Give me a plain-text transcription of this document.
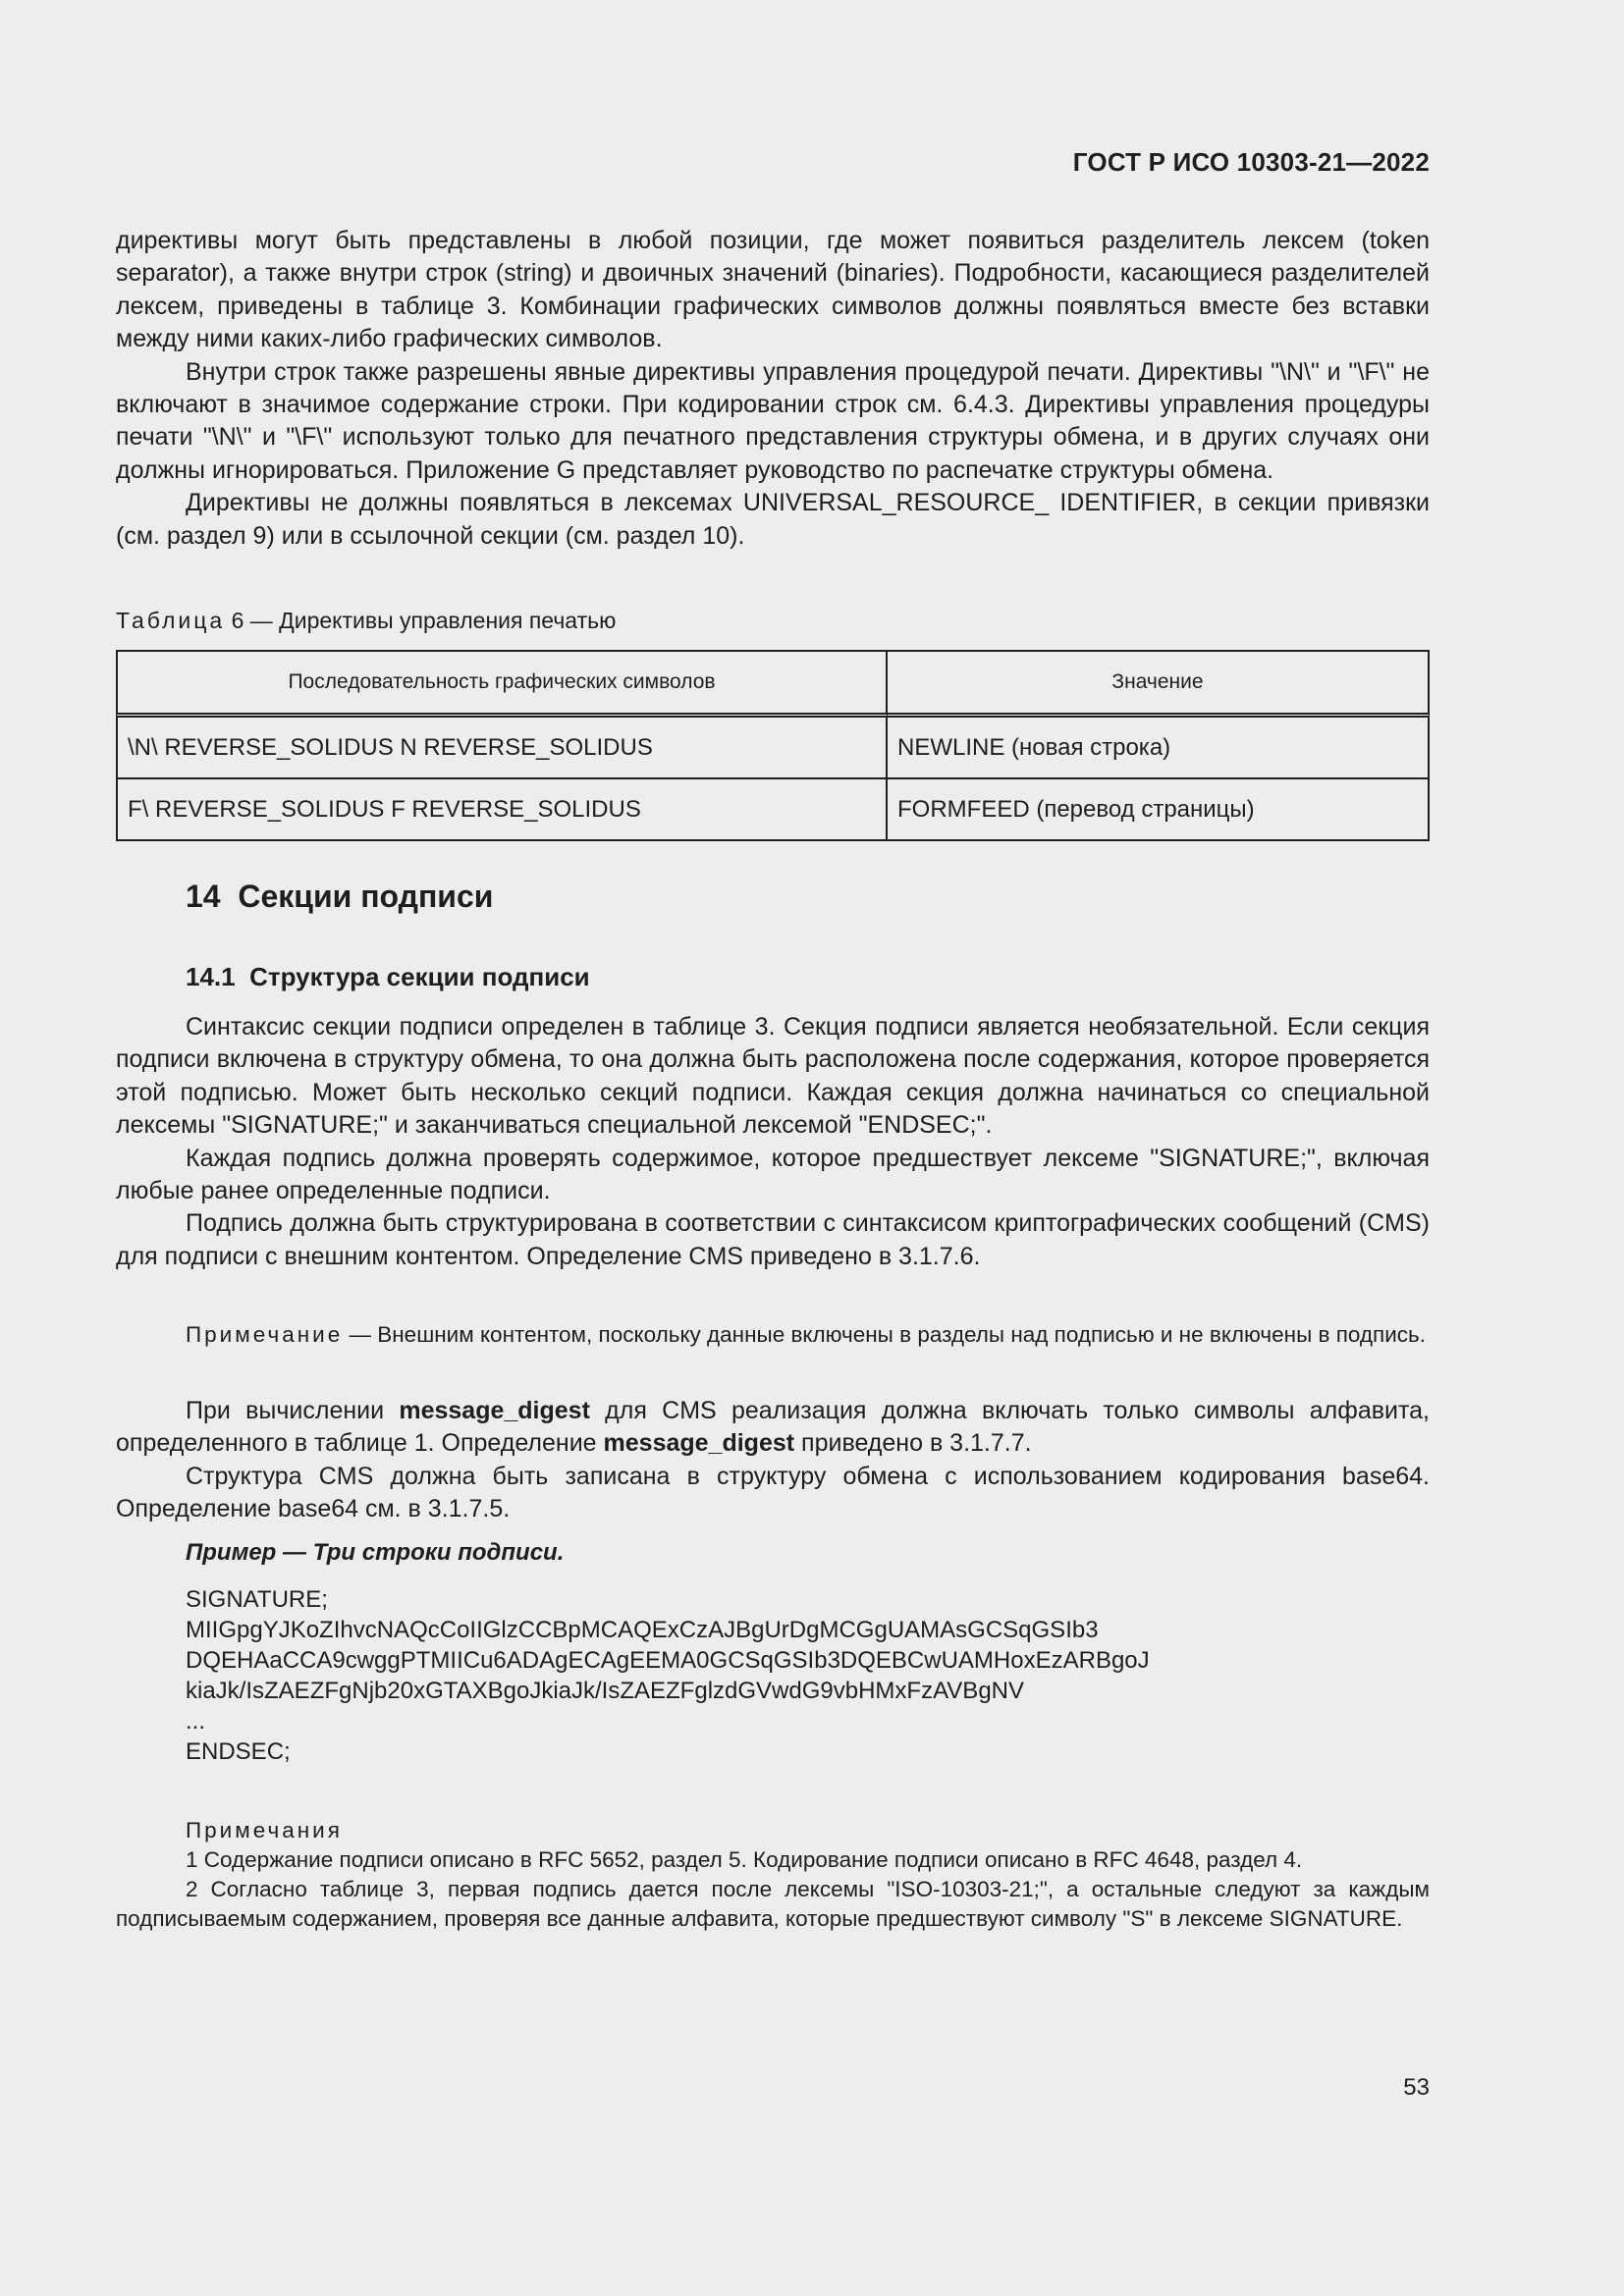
ГОСТ Р ИСО 10303-21—2022

директивы могут быть представлены в любой позиции, где может появиться разделитель лексем (token separator), а также внутри строк (string) и двоичных значений (binaries). Подробности, касающиеся разделителей лексем, приведены в таблице 3. Комбинации графических символов должны появляться вместе без вставки между ними каких-либо графических символов.

Внутри строк также разрешены явные директивы управления процедурой печати. Директивы "\N\" и "\F\" не включают в значимое содержание строки. При кодировании строк см. 6.4.3. Директивы управления процедуры печати "\N\" и "\F\" используют только для печатного представления структуры обмена, и в других случаях они должны игнорироваться. Приложение G представляет руководство по распечатке структуры обмена.

Директивы не должны появляться в лексемах UNIVERSAL_RESOURCE_ IDENTIFIER, в секции привязки (см. раздел 9) или в ссылочной секции (см. раздел 10).

Таблица 6 — Директивы управления печатью
Последовательность графических символов	Значение
\N\ REVERSE_SOLIDUS N REVERSE_SOLIDUS	NEWLINE (новая строка)
F\ REVERSE_SOLIDUS F REVERSE_SOLIDUS	FORMFEED (перевод страницы)
14 Секции подписи
14.1 Структура секции подписи

Синтаксис секции подписи определен в таблице 3. Секция подписи является необязательной. Если секция подписи включена в структуру обмена, то она должна быть расположена после содержания, которое проверяется этой подписью. Может быть несколько секций подписи. Каждая секция должна начинаться со специальной лексемы "SIGNATURE;" и заканчиваться специальной лексемой "ENDSEC;".

Каждая подпись должна проверять содержимое, которое предшествует лексеме "SIGNATURE;", включая любые ранее определенные подписи.

Подпись должна быть структурирована в соответствии с синтаксисом криптографических сообщений (CMS) для подписи с внешним контентом. Определение CMS приведено в 3.1.7.6.

Примечание — Внешним контентом, поскольку данные включены в разделы над подписью и не включены в подпись.

При вычислении message_digest для CMS реализация должна включать только символы алфавита, определенного в таблице 1. Определение message_digest приведено в 3.1.7.7.

Структура CMS должна быть записана в структуру обмена с использованием кодирования base64. Определение base64 см. в 3.1.7.5.

Пример — Три строки подписи.
SIGNATURE;
MIIGpgYJKoZIhvcNAQcCoIIGlzCCBpMCAQExCzAJBgUrDgMCGgUAMAsGCSqGSIb3
DQEHAaCCA9cwggPTMIICu6ADAgECAgEEMA0GCSqGSIb3DQEBCwUAMHoxEzARBgoJ
kiaJk/IsZAEZFgNjb20xGTAXBgoJkiaJk/IsZAEZFglzdGVwdG9vbHMxFzAVBgNV
...
ENDSEC;

Примечания

1 Содержание подписи описано в RFC 5652, раздел 5. Кодирование подписи описано в RFC 4648, раздел 4.

2 Согласно таблице 3, первая подпись дается после лексемы "ISO-10303-21;", а остальные следуют за каждым подписываемым содержанием, проверяя все данные алфавита, которые предшествуют символу "S" в лексеме SIGNATURE.

53
